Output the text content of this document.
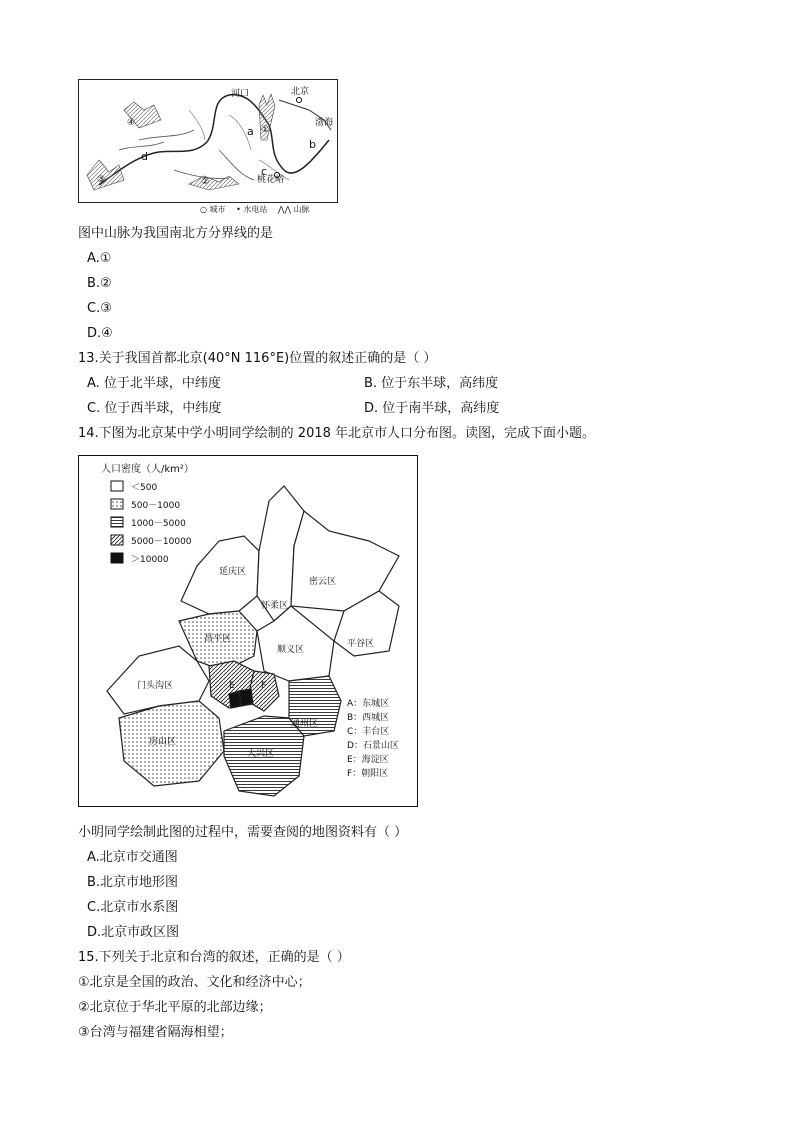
河口	北京
渤海
桃花峪
a
b
c
d
①
②
③
④
○ 城市 • 水电站 ⋀⋀ 山脉
图中山脉为我国南北方分界线的是
A.①
B.②
C.③
D.④
13.关于我国首都北京(40°N 116°E)位置的叙述正确的是（ ）
A. 位于北半球，中纬度	B. 位于东半球，高纬度
C. 位于西半球，中纬度	D. 位于南半球，高纬度
14.下图为北京某中学小明同学绘制的 2018 年北京市人口分布图。读图，完成下面小题。
人口密度（人/km²）
＜500
500－1000
1000－5000
5000－10000
＞10000
延庆区
怀柔区
密云区
平谷区
昌平区
顺义区
门头沟区
房山区
大兴区
通州区
E	F
A：东城区
B：西城区
C：丰台区
D：石景山区
E：海淀区
F：朝阳区
小明同学绘制此图的过程中，需要查阅的地图资料有（ ）
A.北京市交通图
B.北京市地形图
C.北京市水系图
D.北京市政区图
15.下列关于北京和台湾的叙述，正确的是（ ）
①北京是全国的政治、文化和经济中心；
②北京位于华北平原的北部边缘；
③台湾与福建省隔海相望；
